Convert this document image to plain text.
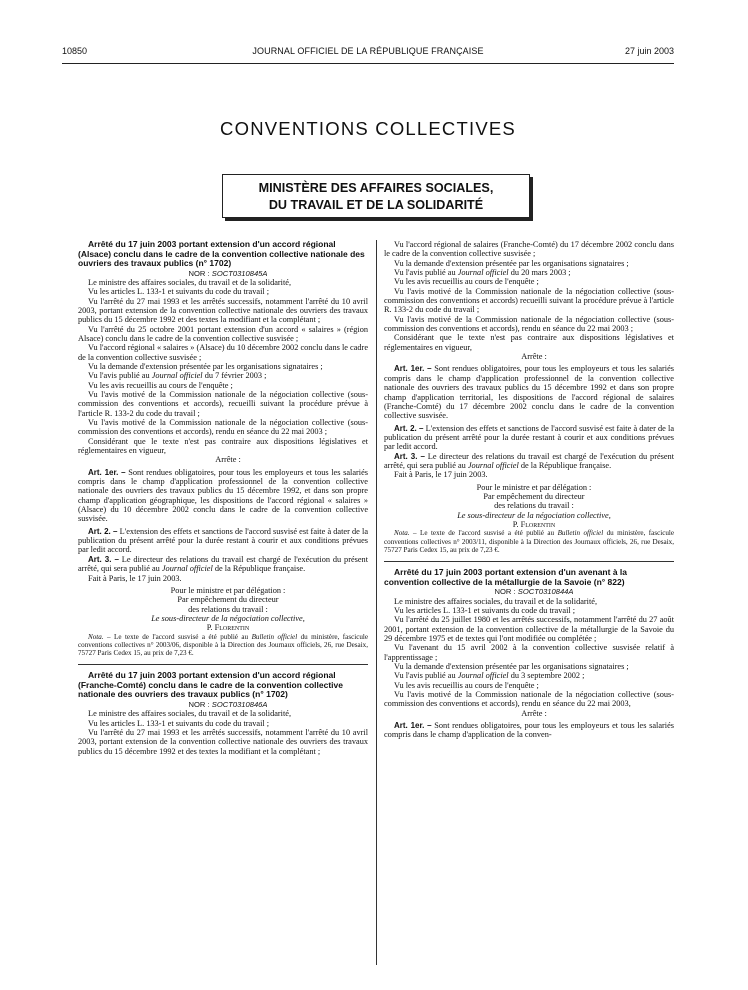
10850	JOURNAL OFFICIEL DE LA RÉPUBLIQUE FRANÇAISE	27 juin 2003
CONVENTIONS COLLECTIVES
MINISTÈRE DES AFFAIRES SOCIALES,
DU TRAVAIL ET DE LA SOLIDARITÉ

Arrêté du 17 juin 2003 portant extension d'un accord régional (Alsace) conclu dans le cadre de la convention collective nationale des ouvriers des travaux publics (n° 1702)

NOR : SOCT0310845A

Le ministre des affaires sociales, du travail et de la solidarité,

Vu les articles L. 133-1 et suivants du code du travail ;

Vu l'arrêté du 27 mai 1993 et les arrêtés successifs, notamment l'arrêté du 10 avril 2003, portant extension de la convention collective nationale des ouvriers des travaux publics du 15 décembre 1992 et des textes la modifiant et la complétant ;

Vu l'arrêté du 25 octobre 2001 portant extension d'un accord « salaires » (région Alsace) conclu dans le cadre de la convention collective susvisée ;

Vu l'accord régional « salaires » (Alsace) du 10 décembre 2002 conclu dans le cadre de la convention collective susvisée ;

Vu la demande d'extension présentée par les organisations signataires ;

Vu l'avis publié au Journal officiel du 7 février 2003 ;

Vu les avis recueillis au cours de l'enquête ;

Vu l'avis motivé de la Commission nationale de la négociation collective (sous-commission des conventions et accords), recueilli suivant la procédure prévue à l'article R. 133-2 du code du travail ;

Vu l'avis motivé de la Commission nationale de la négociation collective (sous-commission des conventions et accords), rendu en séance du 22 mai 2003 ;

Considérant que le texte n'est pas contraire aux dispositions législatives et réglementaires en vigueur,

Arrête :

Art. 1er. – Sont rendues obligatoires, pour tous les employeurs et tous les salariés compris dans le champ d'application professionnel de la convention collective nationale des ouvriers des travaux publics du 15 décembre 1992, et dans son propre champ d'application géographique, les dispositions de l'accord régional « salaires » (Alsace) du 10 décembre 2002 conclu dans le cadre de la convention collective susvisée.

Art. 2. – L'extension des effets et sanctions de l'accord susvisé est faite à dater de la publication du présent arrêté pour la durée restant à courir et aux conditions prévues par ledit accord.

Art. 3. – Le directeur des relations du travail est chargé de l'exécution du présent arrêté, qui sera publié au Journal officiel de la République française.

Fait à Paris, le 17 juin 2003.

Pour le ministre et par délégation :

Par empêchement du directeur

des relations du travail :

Le sous-directeur de la négociation collective,

P. Florentin

Nota. – Le texte de l'accord susvisé a été publié au Bulletin officiel du ministère, fascicule conventions collectives n° 2003/06, disponible à la Direction des Journaux officiels, 26, rue Desaix, 75727 Paris Cedex 15, au prix de 7,23 €.

Arrêté du 17 juin 2003 portant extension d'un accord régional (Franche-Comté) conclu dans le cadre de la convention collective nationale des ouvriers des travaux publics (n° 1702)

NOR : SOCT0310846A

Le ministre des affaires sociales, du travail et de la solidarité,

Vu les articles L. 133-1 et suivants du code du travail ;

Vu l'arrêté du 27 mai 1993 et les arrêtés successifs, notamment l'arrêté du 10 avril 2003, portant extension de la convention collective nationale des ouvriers des travaux publics du 15 décembre 1992 et des textes la modifiant et la complétant ;

Vu l'accord régional de salaires (Franche-Comté) du 17 décembre 2002 conclu dans le cadre de la convention collective susvisée ;

Vu la demande d'extension présentée par les organisations signataires ;

Vu l'avis publié au Journal officiel du 20 mars 2003 ;

Vu les avis recueillis au cours de l'enquête ;

Vu l'avis motivé de la Commission nationale de la négociation collective (sous-commission des conventions et accords) recueilli suivant la procédure prévue à l'article R. 133-2 du code du travail ;

Vu l'avis motivé de la Commission nationale de la négociation collective (sous-commission des conventions et accords), rendu en séance du 22 mai 2003 ;

Considérant que le texte n'est pas contraire aux dispositions législatives et réglementaires en vigueur,

Arrête :

Art. 1er. – Sont rendues obligatoires, pour tous les employeurs et tous les salariés compris dans le champ d'application professionnel de la convention collective nationale des ouvriers des travaux publics du 15 décembre 1992 et dans son propre champ d'application territorial, les dispositions de l'accord régional de salaires (Franche-Comté) du 17 décembre 2002 conclu dans le cadre de la convention collective susvisée.

Art. 2. – L'extension des effets et sanctions de l'accord susvisé est faite à dater de la publication du présent arrêté pour la durée restant à courir et aux conditions prévues par ledit accord.

Art. 3. – Le directeur des relations du travail est chargé de l'exécution du présent arrêté, qui sera publié au Journal officiel de la République française.

Fait à Paris, le 17 juin 2003.

Pour le ministre et par délégation :

Par empêchement du directeur

des relations du travail :

Le sous-directeur de la négociation collective,

P. Florentin

Nota. – Le texte de l'accord susvisé a été publié au Bulletin officiel du ministère, fascicule conventions collectives n° 2003/11, disponible à la Direction des Journaux officiels, 26, rue Desaix, 75727 Paris Cedex 15, au prix de 7,23 €.

Arrêté du 17 juin 2003 portant extension d'un avenant à la convention collective de la métallurgie de la Savoie (n° 822)

NOR : SOCT0310844A

Le ministre des affaires sociales, du travail et de la solidarité,

Vu les articles L. 133-1 et suivants du code du travail ;

Vu l'arrêté du 25 juillet 1980 et les arrêtés successifs, notamment l'arrêté du 27 août 2001, portant extension de la convention collective de la métallurgie de la Savoie du 29 décembre 1975 et de textes qui l'ont modifiée ou complétée ;

Vu l'avenant du 15 avril 2002 à la convention collective susvisée relatif à l'apprentissage ;

Vu la demande d'extension présentée par les organisations signataires ;

Vu l'avis publié au Journal officiel du 3 septembre 2002 ;

Vu les avis recueillis au cours de l'enquête ;

Vu l'avis motivé de la Commission nationale de la négociation collective (sous-commission des conventions et accords), rendu en séance du 22 mai 2003,

Arrête :

Art. 1er. – Sont rendues obligatoires, pour tous les employeurs et tous les salariés compris dans le champ d'application de la conven-
